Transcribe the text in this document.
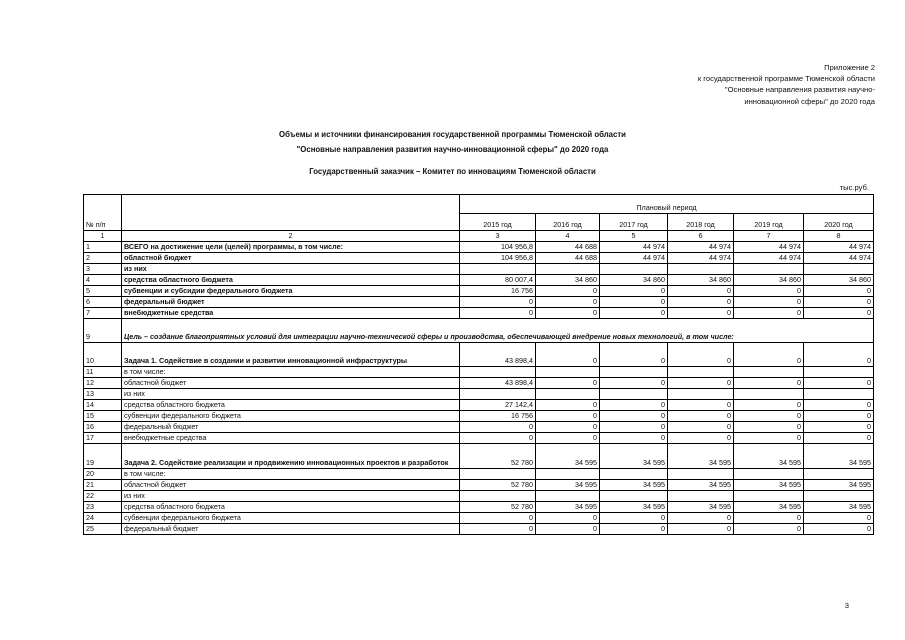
Приложение 2
к государственной программе Тюменской области
"Основные направления развития научно-
инновационной сферы" до 2020 года
Объемы и источники финансирования государственной программы Тюменской области
"Основные направления развития научно-инновационной сферы" до 2020 года
Государственный заказчик – Комитет по инновациям Тюменской области
тыс.руб.
№ п/п		Плановый период					
		2015 год	2016 год	2017 год	2018 год	2019 год	2020 год
1	2	3	4	5	6	7	8
1	ВСЕГО на достижение цели (целей) программы, в том числе:	104 956,8	44 688	44 974	44 974	44 974	44 974
2	областной бюджет	104 956,8	44 688	44 974	44 974	44 974	44 974
3	из них						
4	средства областного бюджета	80 007,4	34 860	34 860	34 860	34 860	34 860
5	субвенции и субсидии федерального бюджета	16 756	0	0	0	0	0
6	федеральный бюджет	0	0	0	0	0	0
7	внебюджетные средства	0	0	0	0	0	0
9	Цель – создание благоприятных условий для интеграции научно-технической сферы и производства, обеспечивающей внедрение новых технологий, в том числе:						
10	Задача 1. Содействие в создании и развитии инновационной инфраструктуры	43 898,4	0	0	0	0	0
11	в том числе:						
12	областной бюджет	43 898,4	0	0	0	0	0
13	из них						
14	средства областного бюджета	27 142,4	0	0	0	0	0
15	субвенции федерального бюджета	16 756	0	0	0	0	0
16	федеральный бюджет	0	0	0	0	0	0
17	внебюджетные средства	0	0	0	0	0	0
19	Задача 2. Содействие реализации и продвижению инновационных проектов и разработок	52 780	34 595	34 595	34 595	34 595	34 595
20	в том числе:						
21	областной бюджет	52 780	34 595	34 595	34 595	34 595	34 595
22	из них						
23	средства областного бюджета	52 780	34 595	34 595	34 595	34 595	34 595
24	субвенции федерального бюджета	0	0	0	0	0	0
25	федеральный бюджет	0	0	0	0	0	0
3
